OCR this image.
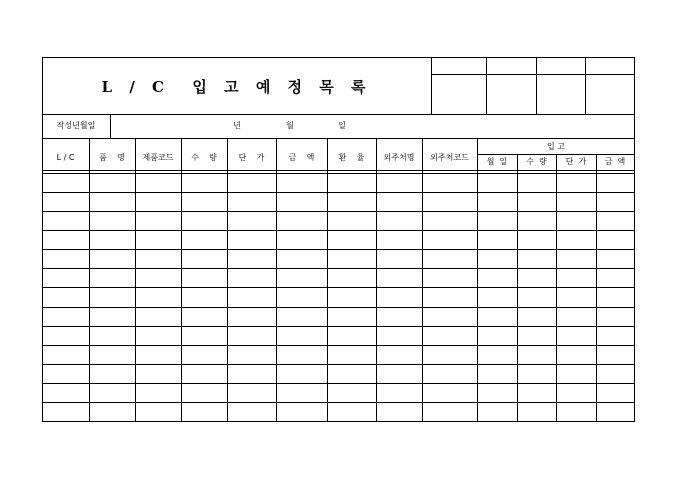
L / C  입 고 예 정 목 록
작성년월일	년	월	일
L / C	품    명	제품코드	수    량	단    가	금    액	환    율	외주처명	외주처코드
입 고
월  일	수  량	단  가	금  액
